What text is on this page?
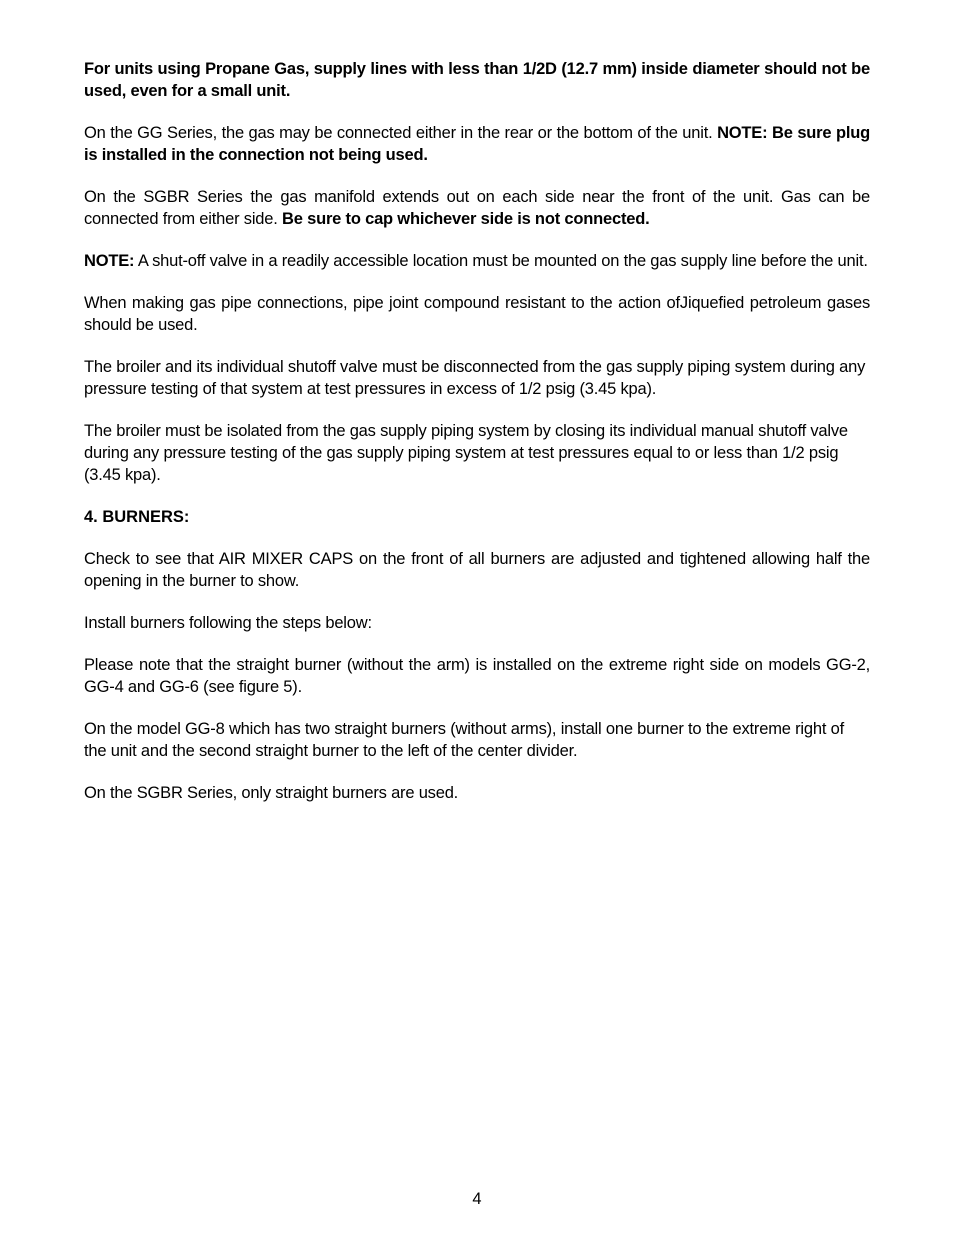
For units using Propane Gas, supply lines with less than 1/2D (12.7 mm) inside diameter should not be used, even for a small unit.

On the GG Series, the gas may be connected either in the rear or the bottom of the unit. NOTE: Be sure plug is installed in the connection not being used.

On the SGBR Series the gas manifold extends out on each side near the front of the unit. Gas can be connected from either side. Be sure to cap whichever side is not connected.

NOTE: A shut-off valve in a readily accessible location must be mounted on the gas supply line before the unit.

When making gas pipe connections, pipe joint compound resistant to the action ofJiquefied petroleum gases should be used.

The broiler and its individual shutoff valve must be disconnected from the gas supply piping system during any pressure testing of that system at test pressures in excess of 1/2 psig (3.45 kpa).

The broiler must be isolated from the gas supply piping system by closing its individual manual shutoff valve during any pressure testing of the gas supply piping system at test pressures equal to or less than 1/2 psig (3.45 kpa).

4. BURNERS:

Check to see that AIR MIXER CAPS on the front of all burners are adjusted and tightened allowing half the opening in the burner to show.

Install burners following the steps below:

Please note that the straight burner (without the arm) is installed on the extreme right side on models GG-2, GG-4 and GG-6 (see figure 5).

On the model GG-8 which has two straight burners (without arms), install one burner to the extreme right of the unit and the second straight burner to the left of the center divider.

On the SGBR Series, only straight burners are used.

4
